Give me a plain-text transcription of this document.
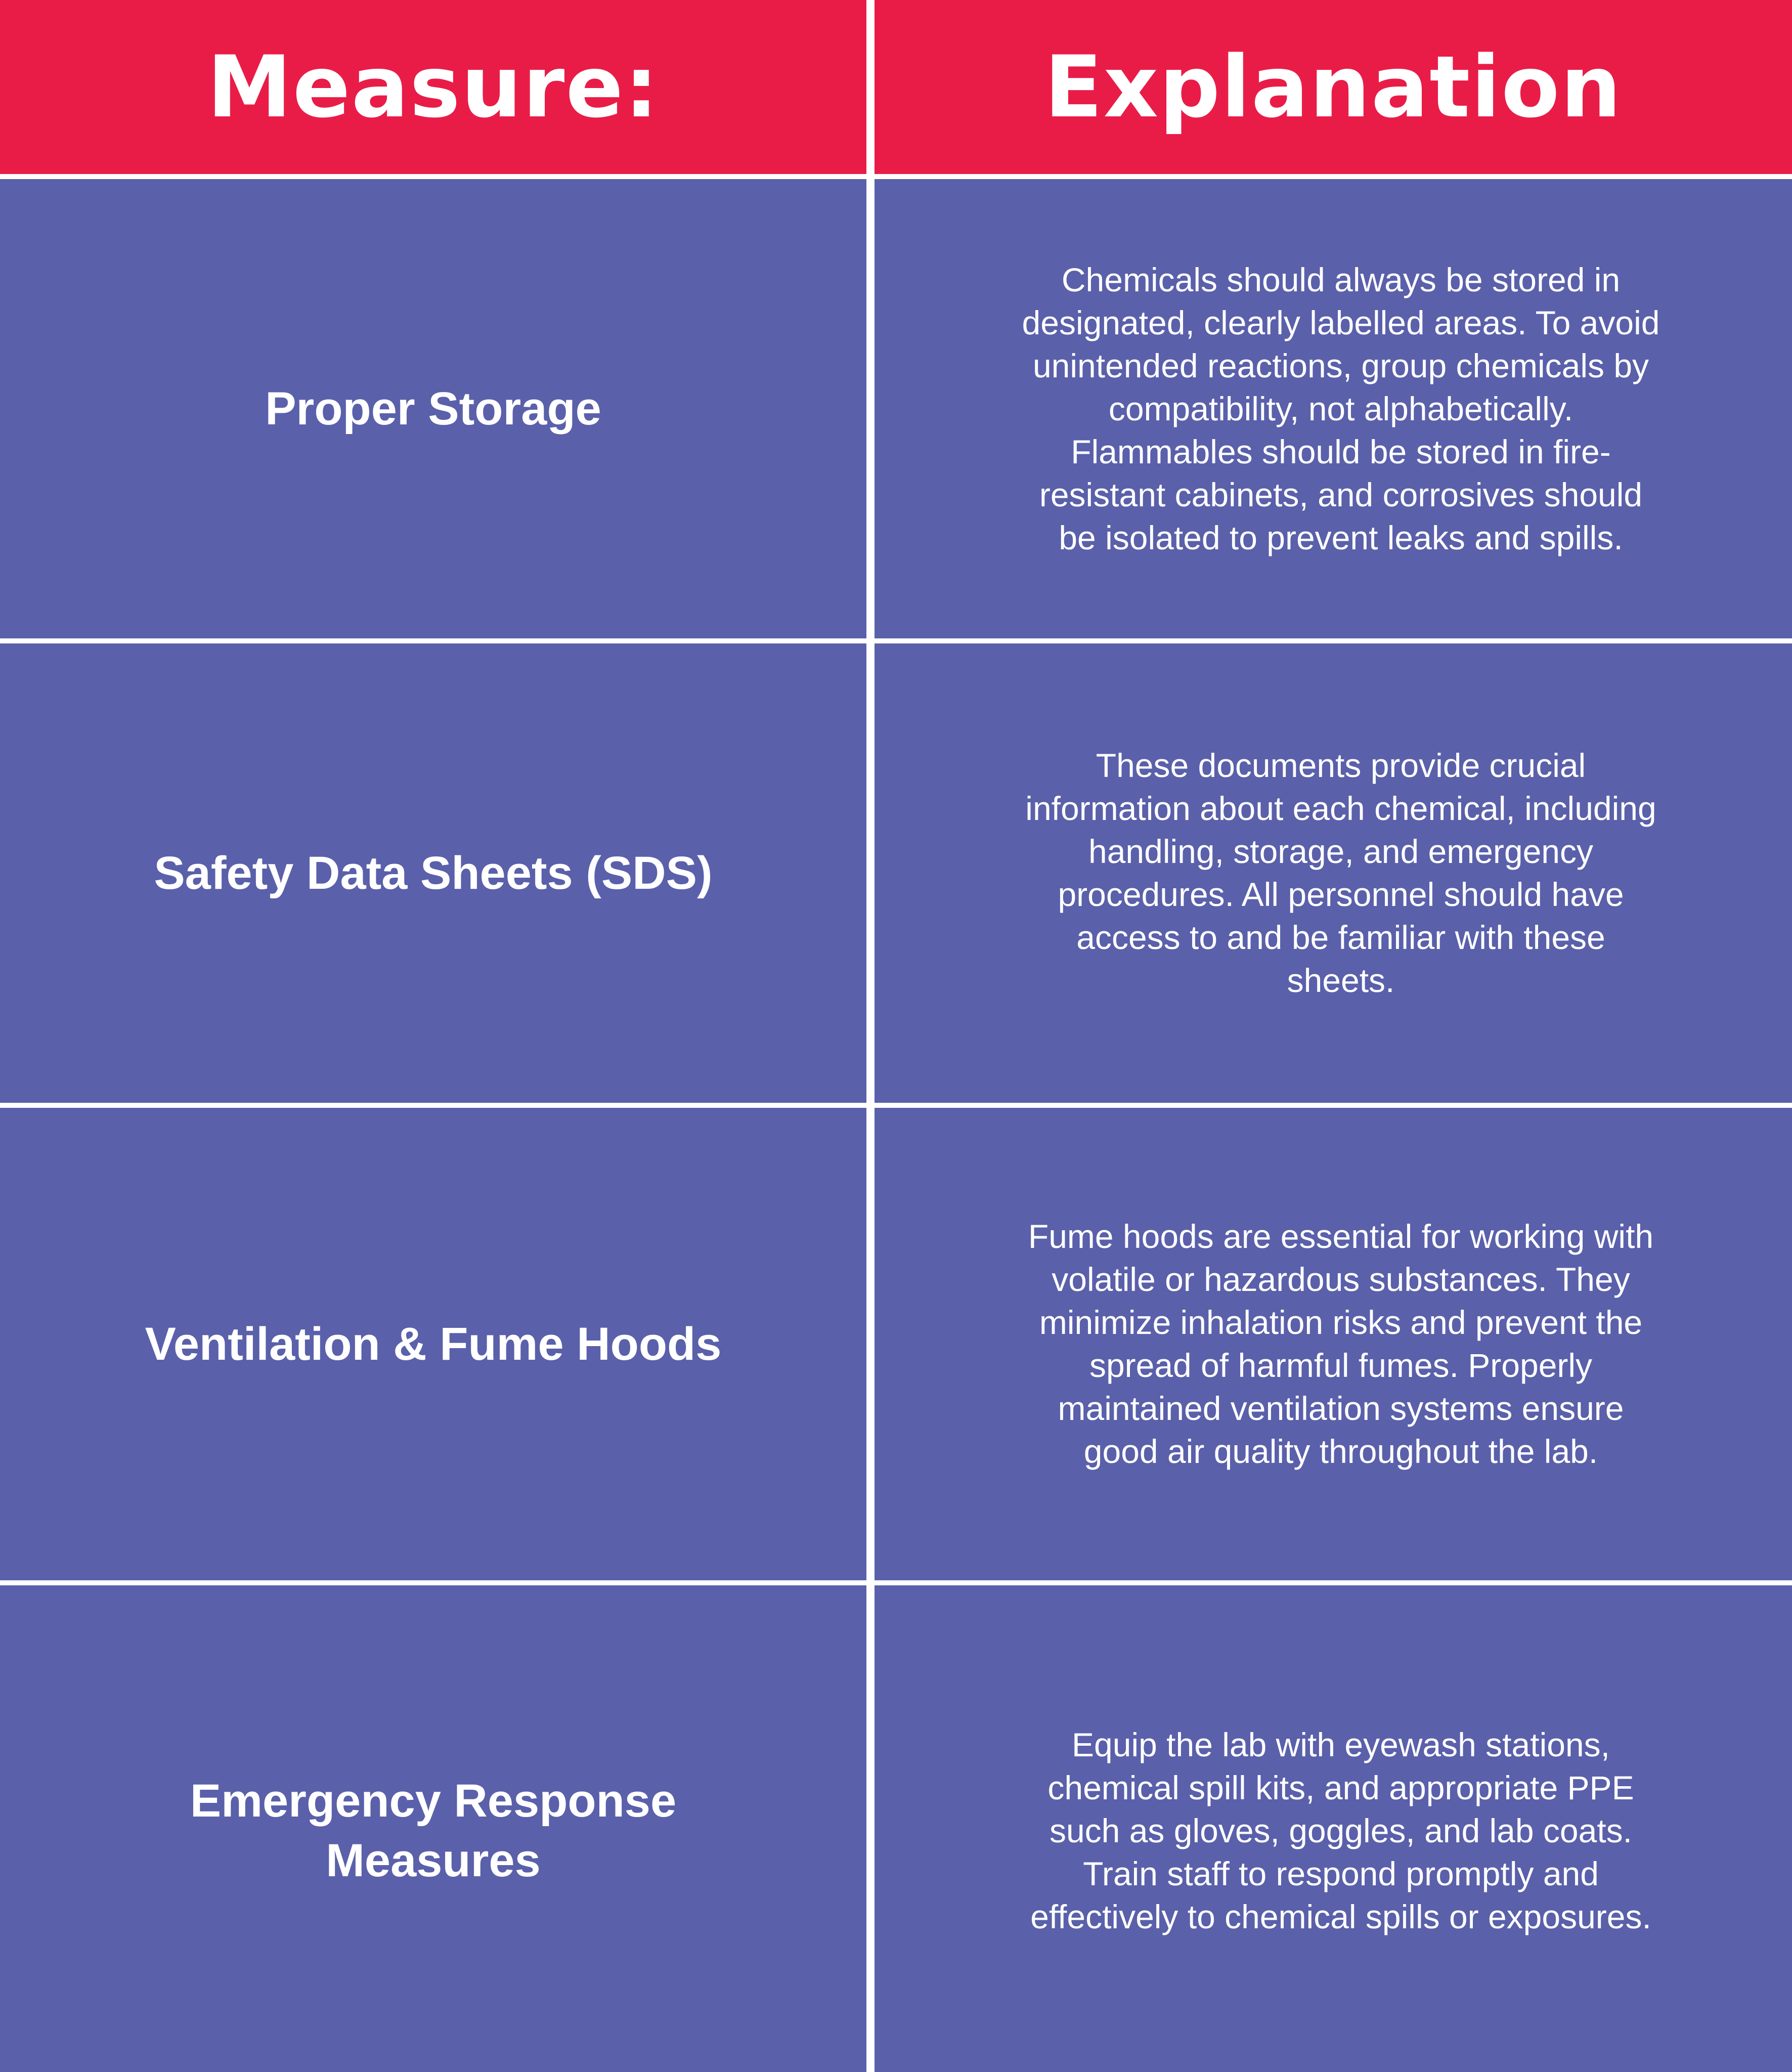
Measure:	Explanation
Proper Storage
Chemicals should always be stored in designated, clearly labelled areas. To avoid unintended reactions, group chemicals by compatibility, not alphabetically. Flammables should be stored in fire-resistant cabinets, and corrosives should be isolated to prevent leaks and spills.
Safety Data Sheets (SDS)
These documents provide crucial information about each chemical, including handling, storage, and emergency procedures. All personnel should have access to and be familiar with these sheets.
Ventilation & Fume Hoods
Fume hoods are essential for working with volatile or hazardous substances. They minimize inhalation risks and prevent the spread of harmful fumes. Properly maintained ventilation systems ensure good air quality throughout the lab.
Emergency Response Measures
Equip the lab with eyewash stations, chemical spill kits, and appropriate PPE such as gloves, goggles, and lab coats. Train staff to respond promptly and effectively to chemical spills or exposures.
